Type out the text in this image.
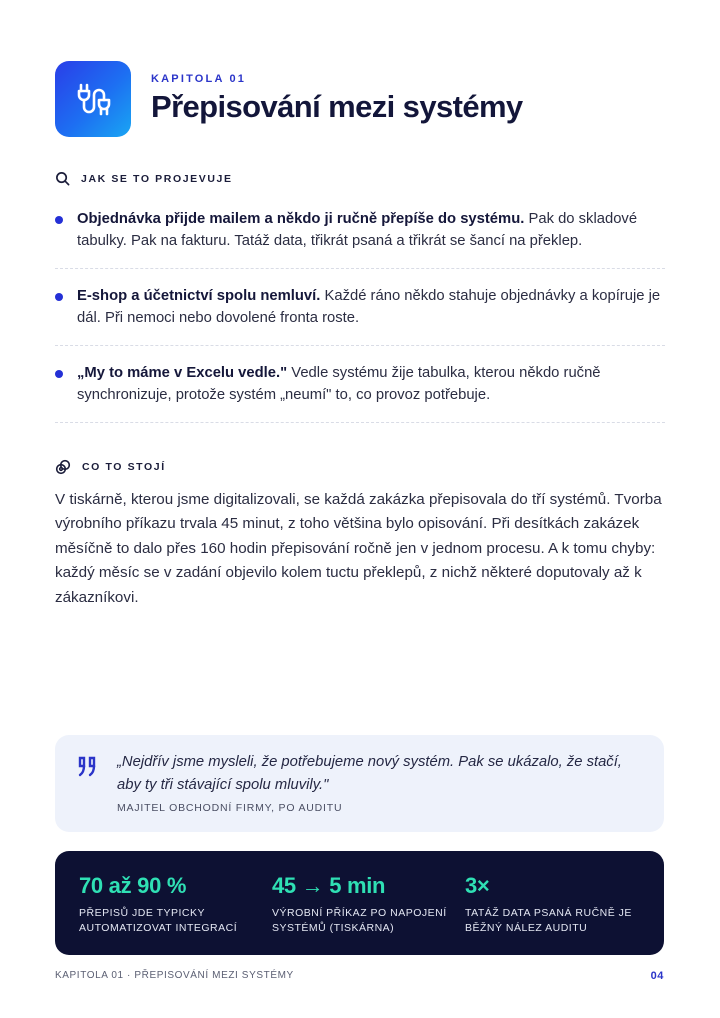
KAPITOLA 01
Přepisování mezi systémy
JAK SE TO PROJEVUJE

Objednávka přijde mailem a někdo ji ručně přepíše do systému. Pak do skladové tabulky. Pak na fakturu. Tatáž data, třikrát psaná a třikrát se šancí na překlep.

E-shop a účetnictví spolu nemluví. Každé ráno někdo stahuje objednávky a kopíruje je dál. Při nemoci nebo dovolené fronta roste.

„My to máme v Excelu vedle." Vedle systému žije tabulka, kterou někdo ručně synchronizuje, protože systém „neumí" to, co provoz potřebuje.

CO TO STOJÍ

V tiskárně, kterou jsme digitalizovali, se každá zakázka přepisovala do tří systémů. Tvorba výrobního příkazu trvala 45 minut, z toho většina bylo opisování. Při desítkách zakázek měsíčně to dalo přes 160 hodin přepisování ročně jen v jednom procesu. A k tomu chyby: každý měsíc se v zadání objevilo kolem tuctu překlepů, z nichž některé doputovaly až k zákazníkovi.

„Nejdřív jsme mysleli, že potřebujeme nový systém. Pak se ukázalo, že stačí, aby ty tři stávající spolu mluvily."

MAJITEL OBCHODNÍ FIRMY, PO AUDITU
70 až 90 %
PŘEPISŮ JDE TYPICKY AUTOMATIZOVAT INTEGRACÍ
45 → 5 min
VÝROBNÍ PŘÍKAZ PO NAPOJENÍ SYSTÉMŮ (TISKÁRNA)
3×
TATÁŽ DATA PSANÁ RUČNĚ JE BĚŽNÝ NÁLEZ AUDITU
KAPITOLA 01 · PŘEPISOVÁNÍ MEZI SYSTÉMY	04
